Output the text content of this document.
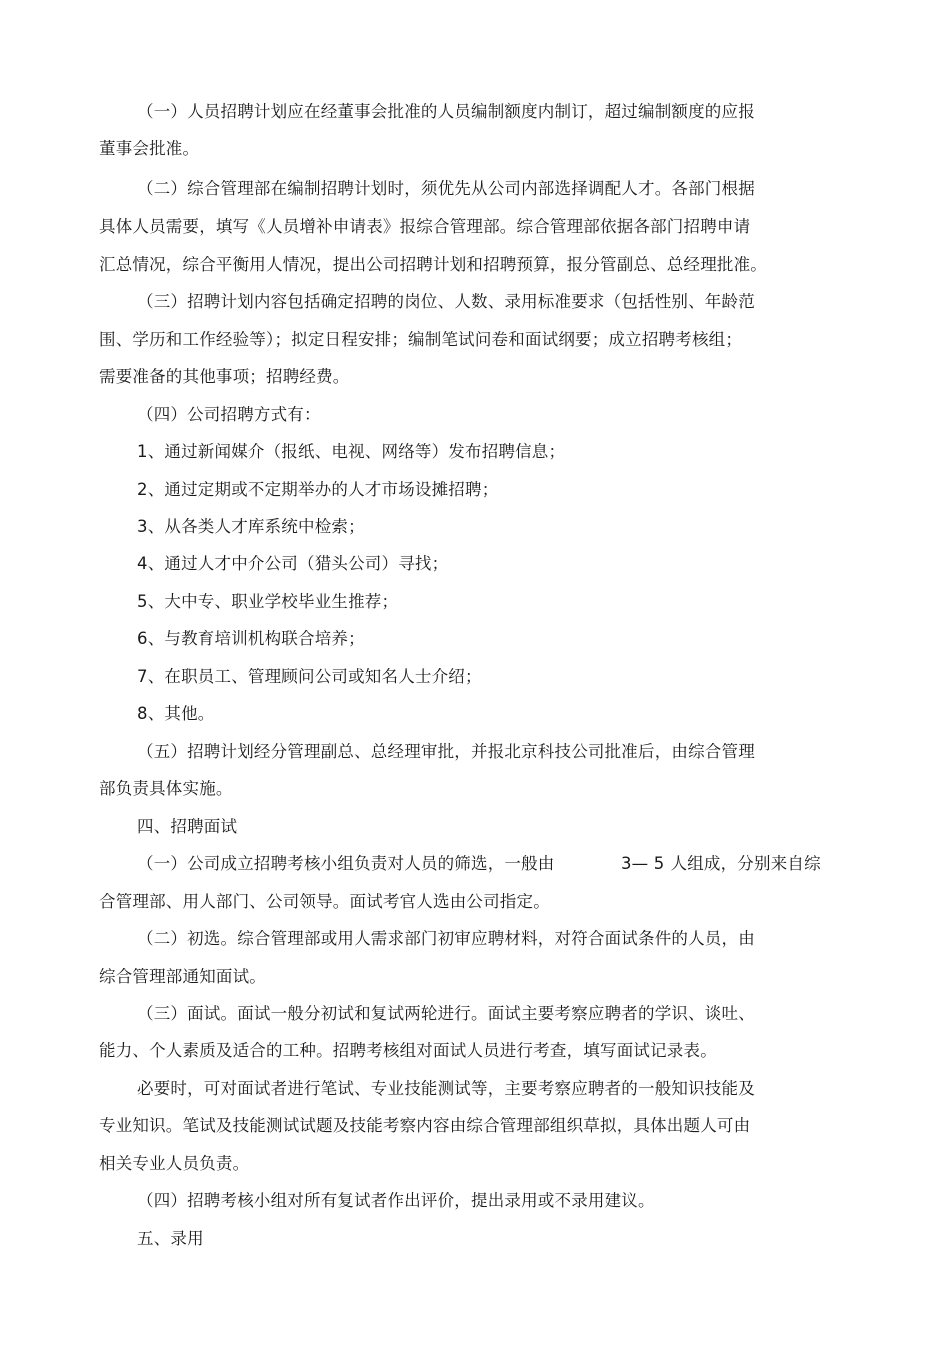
（一）人员招聘计划应在经董事会批准的人员编制额度内制订，超过编制额度的应报
董事会批准。
（二）综合管理部在编制招聘计划时，须优先从公司内部选择调配人才。各部门根据
具体人员需要，填写《人员增补申请表》报综合管理部。综合管理部依据各部门招聘申请
汇总情况，综合平衡用人情况，提出公司招聘计划和招聘预算，报分管副总、总经理批准。
（三）招聘计划内容包括确定招聘的岗位、人数、录用标准要求（包括性别、年龄范
围、学历和工作经验等）；拟定日程安排；编制笔试问卷和面试纲要；成立招聘考核组；
需要准备的其他事项；招聘经费。
（四）公司招聘方式有：
1、通过新闻媒介（报纸、电视、网络等）发布招聘信息；
2、通过定期或不定期举办的人才市场设摊招聘；
3、从各类人才库系统中检索；
4、通过人才中介公司（猎头公司）寻找；
5、大中专、职业学校毕业生推荐；
6、与教育培训机构联合培养；
7、在职员工、管理顾问公司或知名人士介绍；
8、其他。
（五）招聘计划经分管理副总、总经理审批，并报北京科技公司批准后，由综合管理
部负责具体实施。
四、招聘面试
（一）公司成立招聘考核小组负责对人员的筛选，一般由	3— 5 人组成，分别来自综
合管理部、用人部门、公司领导。面试考官人选由公司指定。
（二）初选。综合管理部或用人需求部门初审应聘材料，对符合面试条件的人员，由
综合管理部通知面试。
（三）面试。面试一般分初试和复试两轮进行。面试主要考察应聘者的学识、谈吐、
能力、个人素质及适合的工种。招聘考核组对面试人员进行考查，填写面试记录表。
必要时，可对面试者进行笔试、专业技能测试等，主要考察应聘者的一般知识技能及
专业知识。笔试及技能测试试题及技能考察内容由综合管理部组织草拟，具体出题人可由
相关专业人员负责。
（四）招聘考核小组对所有复试者作出评价，提出录用或不录用建议。
五、录用
